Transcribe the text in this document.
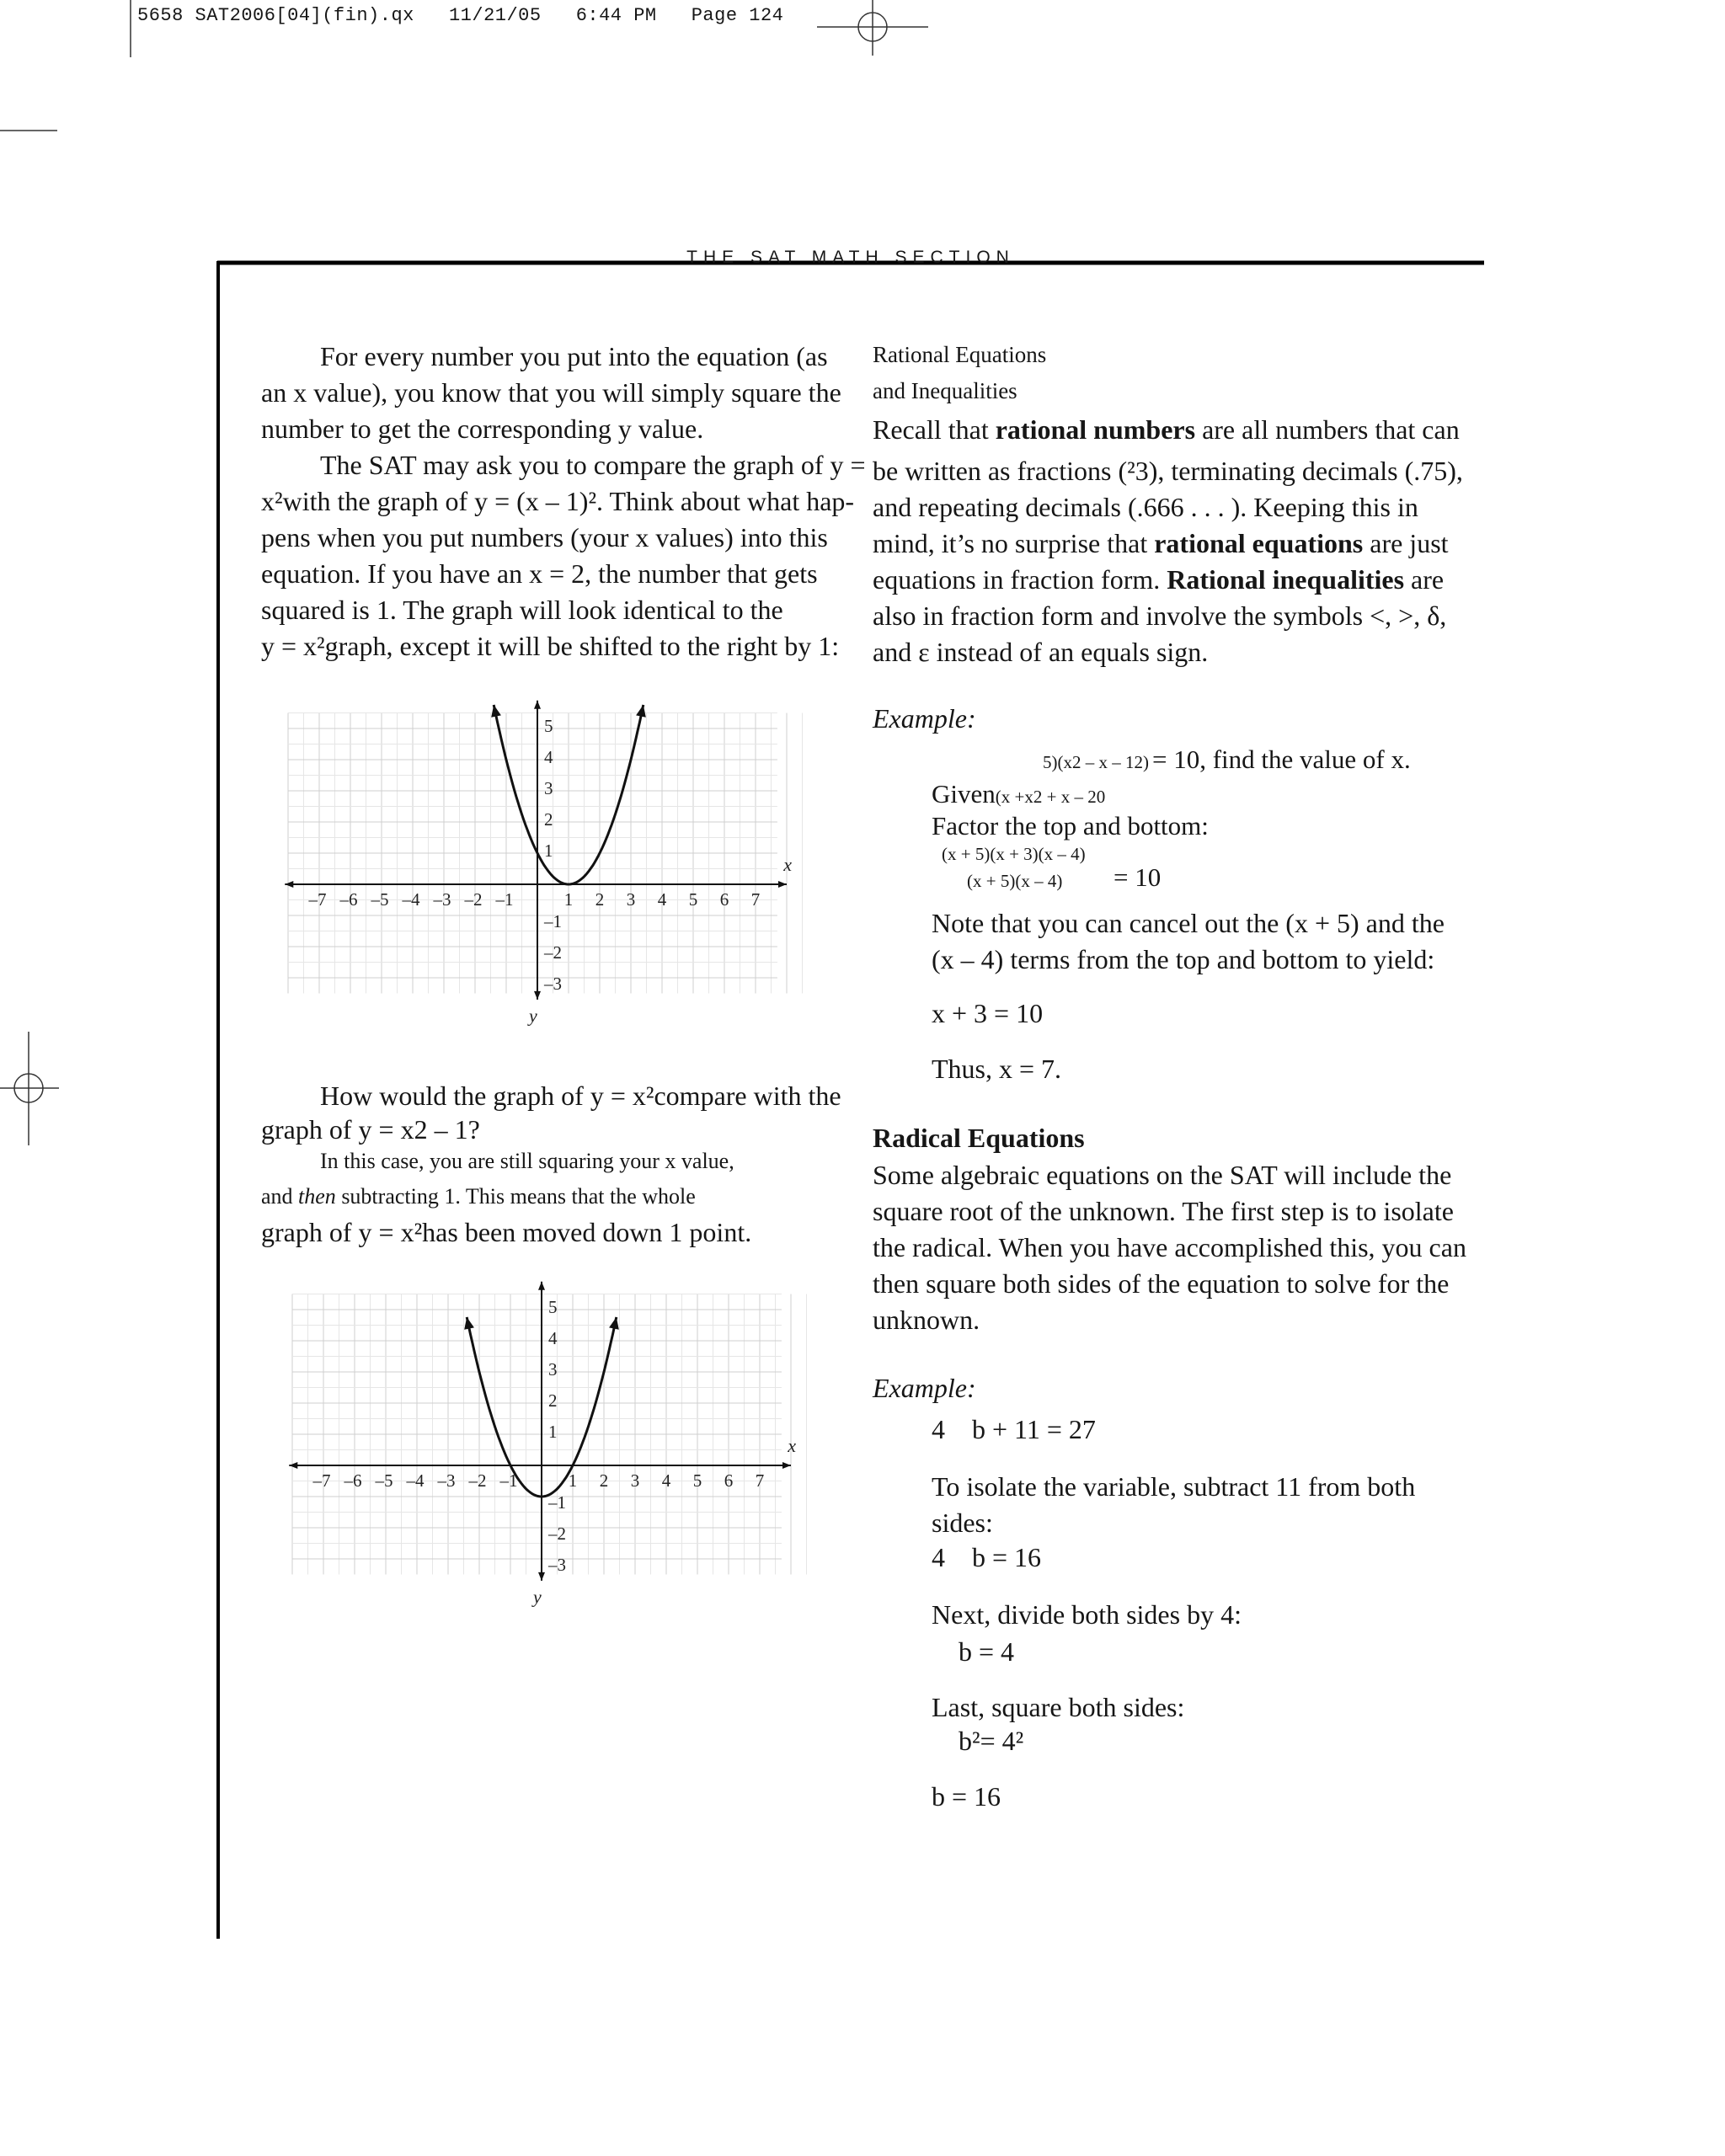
5658 SAT2006[04](fin).qx 11/21/05 6:44 PM Page 124
THE SAT MATH SECTION
For every number you put into the equation (as an x value), you know that you will simply square the number to get the corresponding y value.
The SAT may ask you to compare the graph of y =
x²with the graph of y = (x – 1)². Think about what hap-
pens when you put numbers (your x values) into this
equation. If you have an x = 2, the number that gets
squared is 1. The graph will look identical to the
y = x²graph, except it will be shifted to the right by 1:
–7 –6 –5 –4 –3 –2 –1	1 2 3 4 5 6 7
5
4
3
2
1
–1
–2
–3
x
y
How would the graph of y = x²compare with the
graph of y = x2 – 1?
In this case, you are still squaring your x value,
and then subtracting 1. This means that the whole
graph of y = x²has been moved down 1 point.
–7 –6 –5 –4 –3 –2 –1	1 2 3 4 5 6 7
5
4
3
2
1
–1
–2
–3
x
y
Rational Equations
and Inequalities
Recall that rational numbers are all numbers that can
be written as fractions (²3), terminating decimals (.75),
and repeating decimals (.666 . . . ). Keeping this in
mind, it’s no surprise that rational equations are just
equations in fraction form. Rational inequalities are
also in fraction form and involve the symbols <, >, δ,
and ε instead of an equals sign.
Example:
5)(x2 – x – 12) = 10, find the value of x.
Given(x +x2 + x – 20
Factor the top and bottom:
(x + 5)(x + 3)(x – 4)
(x + 5)(x – 4) = 10
Note that you can cancel out the (x + 5) and the
(x – 4) terms from the top and bottom to yield:
x + 3 = 10
Thus, x = 7.
Radical Equations
Some algebraic equations on the SAT will include the
square root of the unknown. The first step is to isolate
the radical. When you have accomplished this, you can
then square both sides of the equation to solve for the
unknown.
Example:
4    b + 11 = 27
To isolate the variable, subtract 11 from both
sides:
4    b = 16
Next, divide both sides by 4:
b = 4
Last, square both sides:
b²= 4²
b = 16
